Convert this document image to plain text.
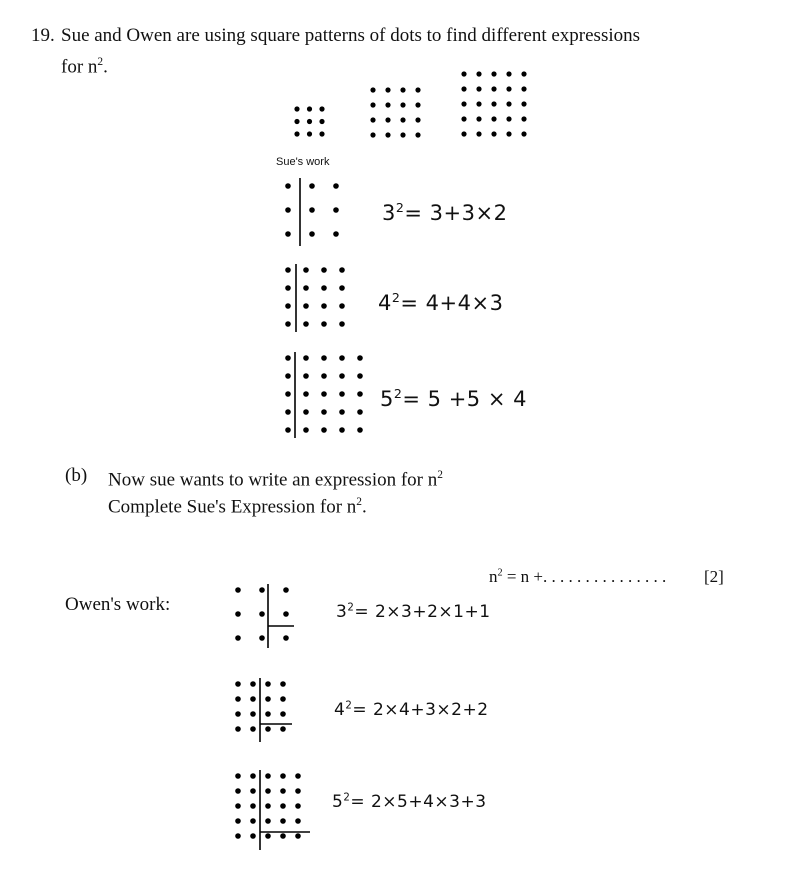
19. Sue and Owen are using square patterns of dots to find different expressions
for $n^2$.
Sue's work
$3^2= 3+3\times 2$
$4^2= 4+4\times 3$
$5^2= 5 +5 \times 4$
(b) Now sue wants to write an expression for $n^2$
Complete Sue's Expression for $n^2$.
$n^2 = n$ +. . . . . . . . . . . . . . . [2]
Owen's work:	$3^2= 2\times 3+2\times 1+1$
$4^2= 2\times 4+3\times 2+2$
$5^2= 2\times 5+4\times 3+3$
